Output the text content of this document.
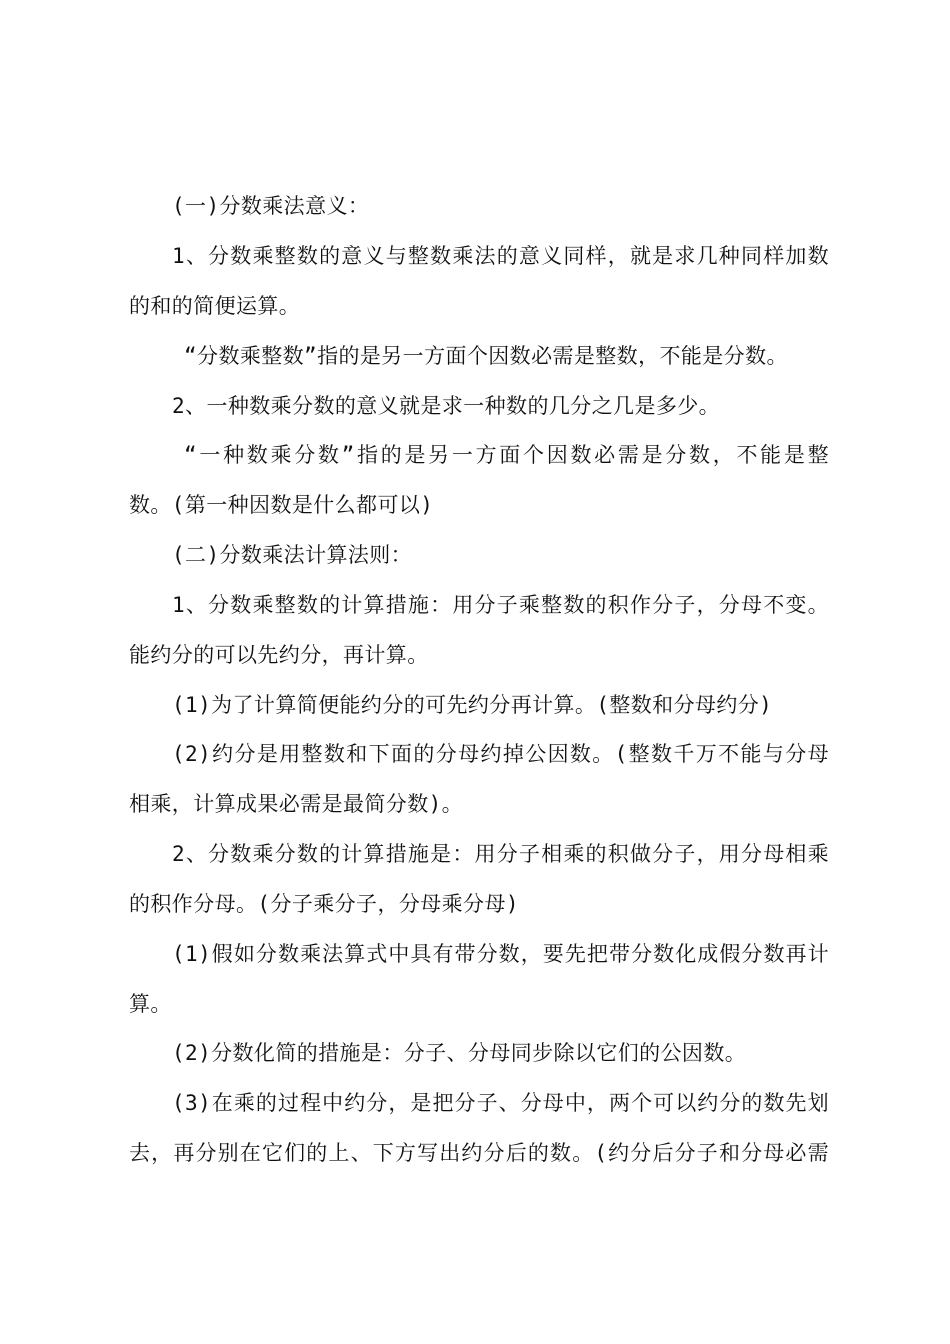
(一)分数乘法意义：
1、分数乘整数的意义与整数乘法的意义同样，就是求几种同样加数
的和的简便运算。
“分数乘整数”指的是另一方面个因数必需是整数，不能是分数。
2、一种数乘分数的意义就是求一种数的几分之几是多少。
“一种数乘分数”指的是另一方面个因数必需是分数，不能是整
数。(第一种因数是什么都可以)
(二)分数乘法计算法则：
1、分数乘整数的计算措施：用分子乘整数的积作分子，分母不变。
能约分的可以先约分，再计算。
(1)为了计算简便能约分的可先约分再计算。(整数和分母约分)
(2)约分是用整数和下面的分母约掉公因数。(整数千万不能与分母
相乘，计算成果必需是最简分数)。
2、分数乘分数的计算措施是：用分子相乘的积做分子，用分母相乘
的积作分母。(分子乘分子，分母乘分母)
(1)假如分数乘法算式中具有带分数，要先把带分数化成假分数再计
算。
(2)分数化简的措施是：分子、分母同步除以它们的公因数。
(3)在乘的过程中约分，是把分子、分母中，两个可以约分的数先划
去，再分别在它们的上、下方写出约分后的数。(约分后分子和分母必需
